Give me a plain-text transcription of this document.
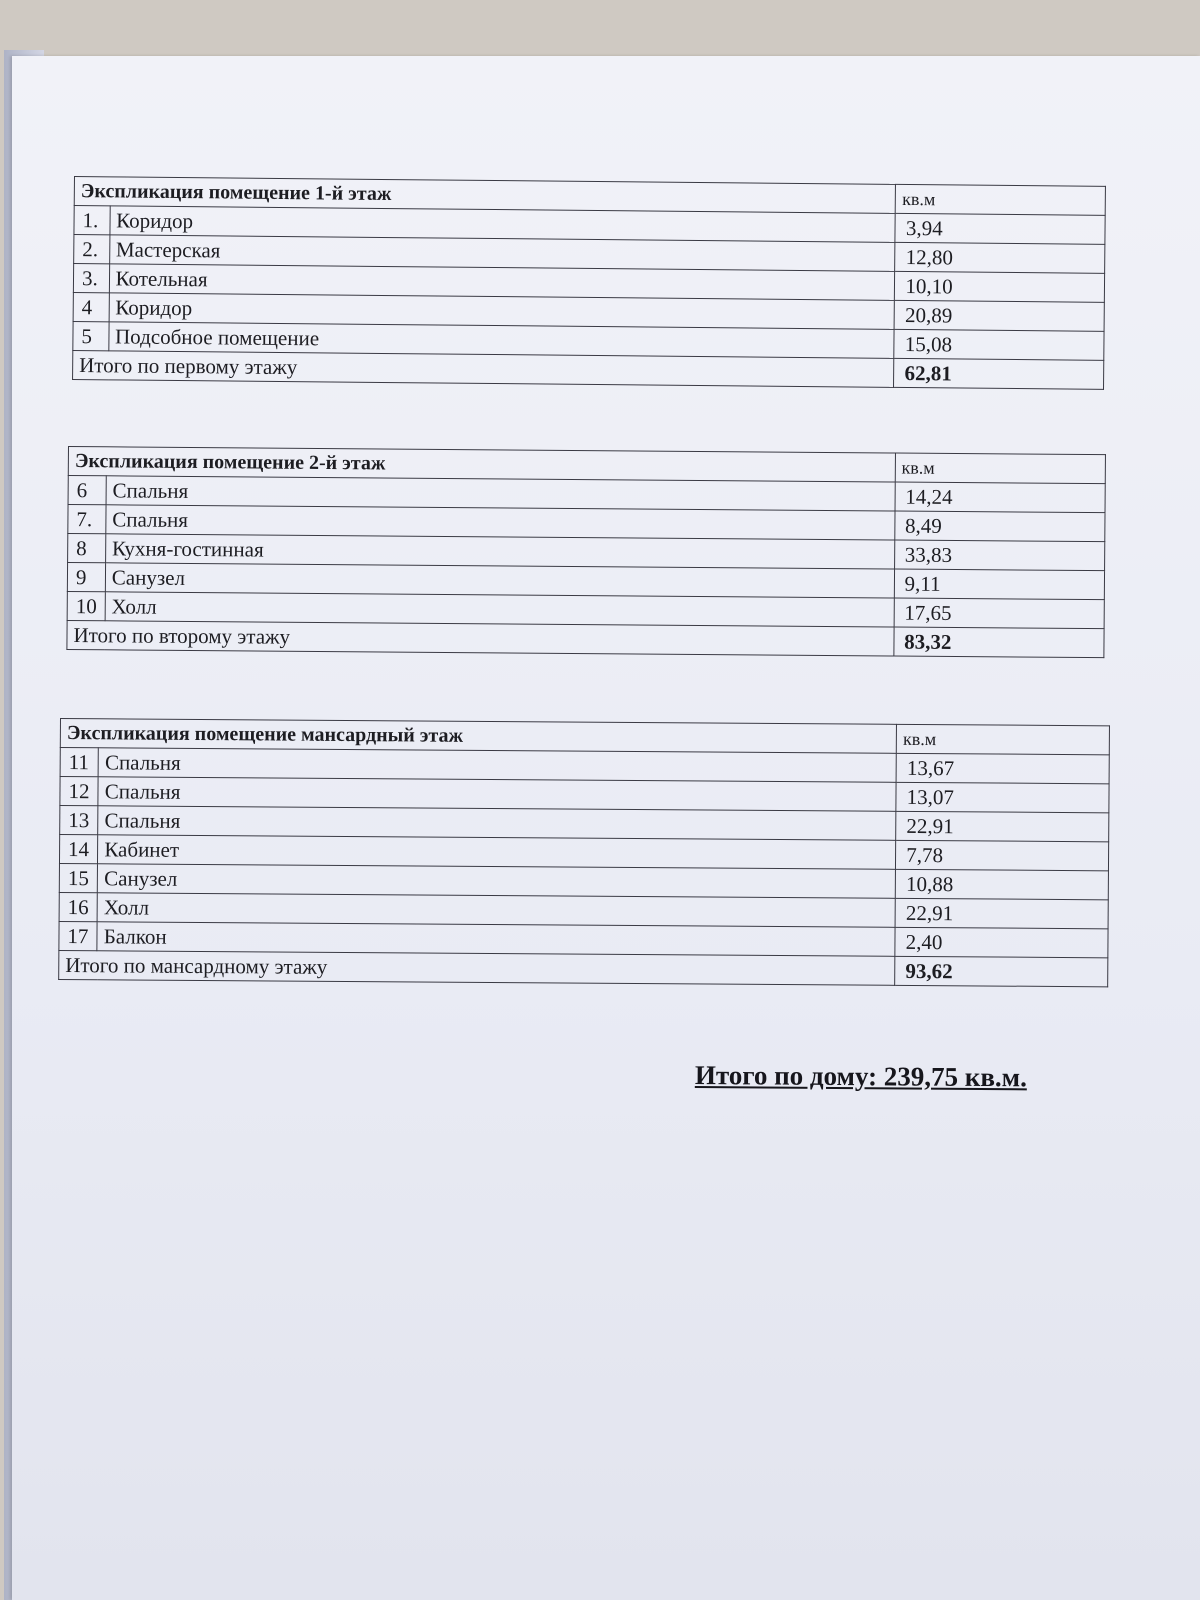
Экспликация помещение 1-й этаж		кв.м
1.	Коридор	3,94
2.	Мастерская	12,80
3.	Котельная	10,10
4	Коридор	20,89
5	Подсобное помещение	15,08
Итого по первому этажу		62,81
Экспликация помещение 2-й этаж		кв.м
6	Спальня	14,24
7.	Спальня	8,49
8	Кухня-гостинная	33,83
9	Санузел	9,11
10	Холл	17,65
Итого по второму этажу		83,32
Экспликация помещение мансардный этаж		кв.м
11	Спальня	13,67
12	Спальня	13,07
13	Спальня	22,91
14	Кабинет	7,78
15	Санузел	10,88
16	Холл	22,91
17	Балкон	2,40
Итого по мансардному этажу		93,62
Итого по дому: 239,75 кв.м.
